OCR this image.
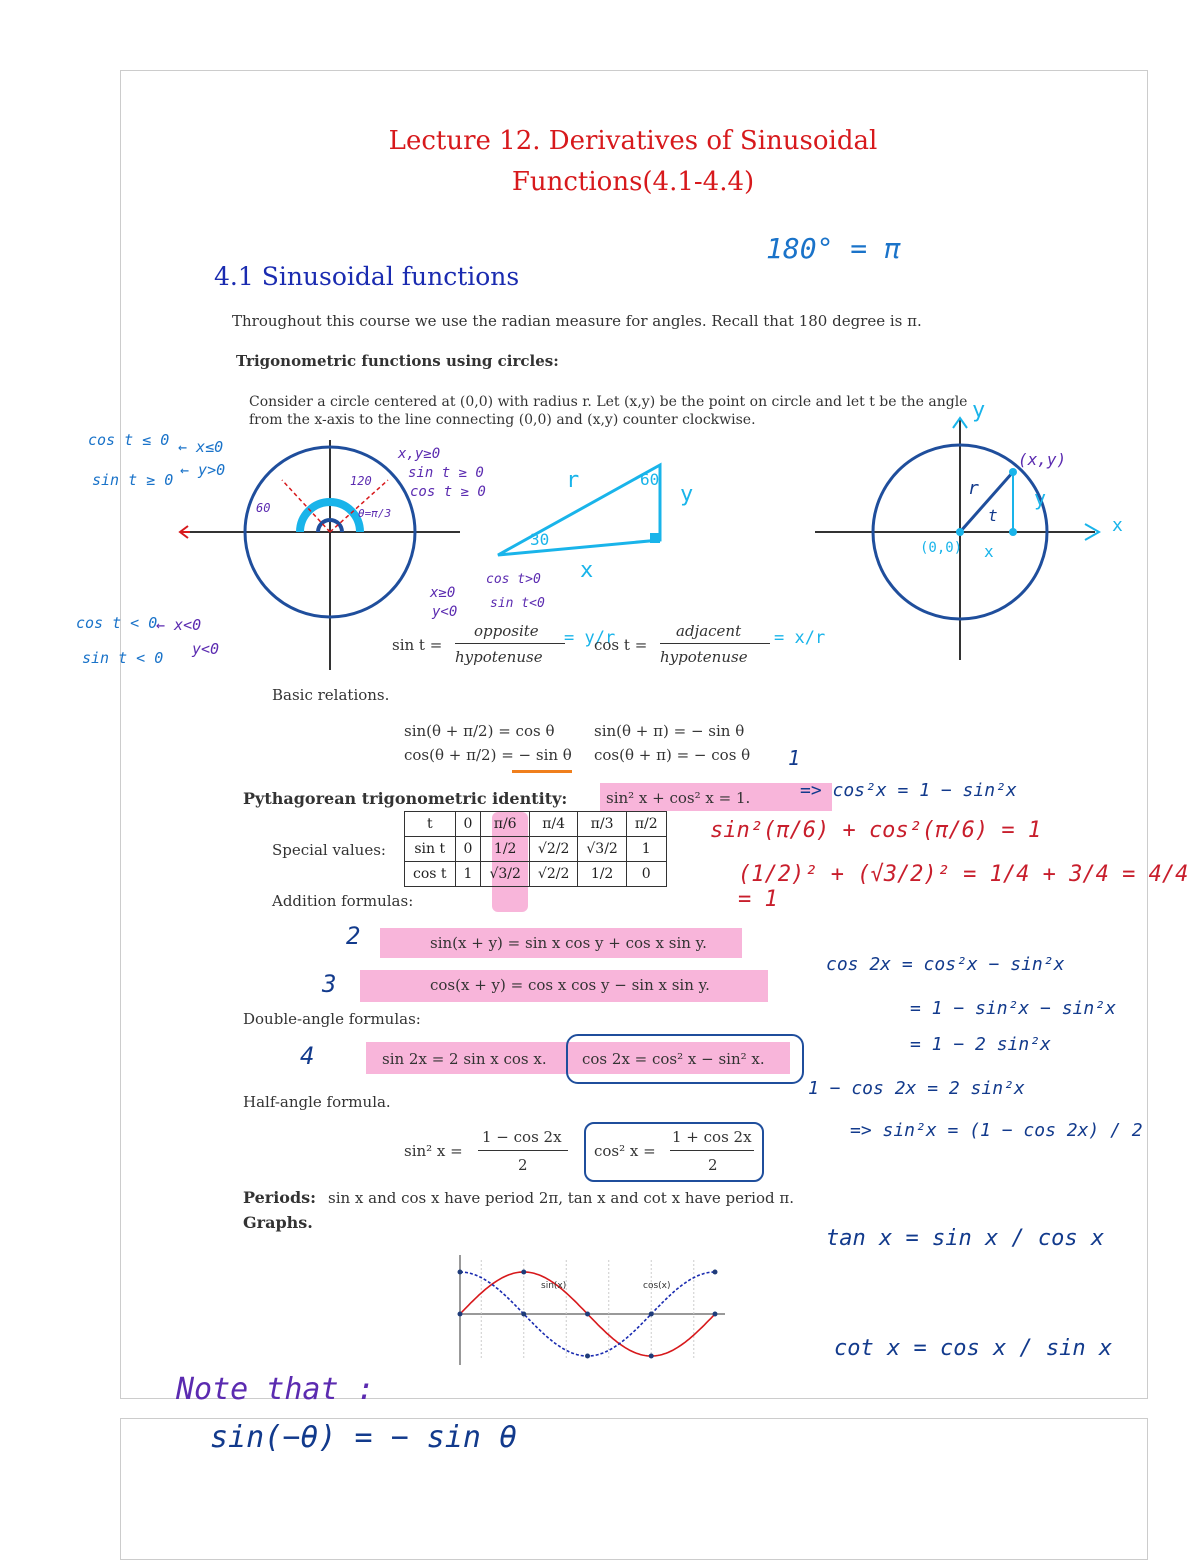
Lecture 12. Derivatives of Sinusoidal
Functions(4.1-4.4)
4.1 Sinusoidal functions
180° = π
Throughout this course we use the radian measure for angles. Recall that 180 degree is π.
Trigonometric functions using circles:
Consider a circle centered at (0,0) with radius r. Let (x,y) be the point on circle and let t be the angle
from the x-axis to the line connecting (0,0) and (x,y) counter clockwise.
cos t ≤ 0
sin t ≥ 0
← x≤0
← y>0
x,y≥0
sin t ≥ 0
cos t ≥ 0
120
60	θ=π/3
x≥0
cos t>0
y<0
sin t<0
cos t < 0
sin t < 0
← x<0
y<0
r	60
y
30
x
y
(x,y)
r
t
y
x
(0,0)
x
sin t =
opposite
hypotenuse
= y/r
cos t =
adjacent
hypotenuse
= x/r
Basic relations.
sin(θ + π/2) = cos θ	sin(θ + π) = − sin θ
cos(θ + π/2) = − sin θ cos(θ + π) = − cos θ
Pythagorean trigonometric identity:	sin² x + cos² x = 1.
1
=> cos²x = 1 − sin²x
Special values:
t	0	π/6	π/4	π/3	π/2
sin t	0	1/2	√2/2	√3/2	1
cos t	1	√3/2	√2/2	1/2	0
sin²(π/6) + cos²(π/6) = 1
(1/2)² + (√3/2)² = 1/4 + 3/4 = 4/4 = 1
Addition formulas:
2	sin(x + y) = sin x cos y + cos x sin y.
3	cos(x + y) = cos x cos y − sin x sin y.
Double-angle formulas:
4	sin 2x = 2 sin x cos x. cos 2x = cos² x − sin² x.
cos 2x = cos²x − sin²x
= 1 − sin²x − sin²x
= 1 − 2 sin²x
1 − cos 2x = 2 sin²x
=> sin²x = (1 − cos 2x) / 2
Half-angle formula.
sin² x =
1 − cos 2x
2
cos² x =
1 + cos 2x
2
Periods: sin x and cos x have period 2π, tan x and cot x have period π.
Graphs.
tan x = sin x / cos x
cot x = cos x / sin x
sin(x)	cos(x)
Note that :
sin(−θ) = − sin θ
